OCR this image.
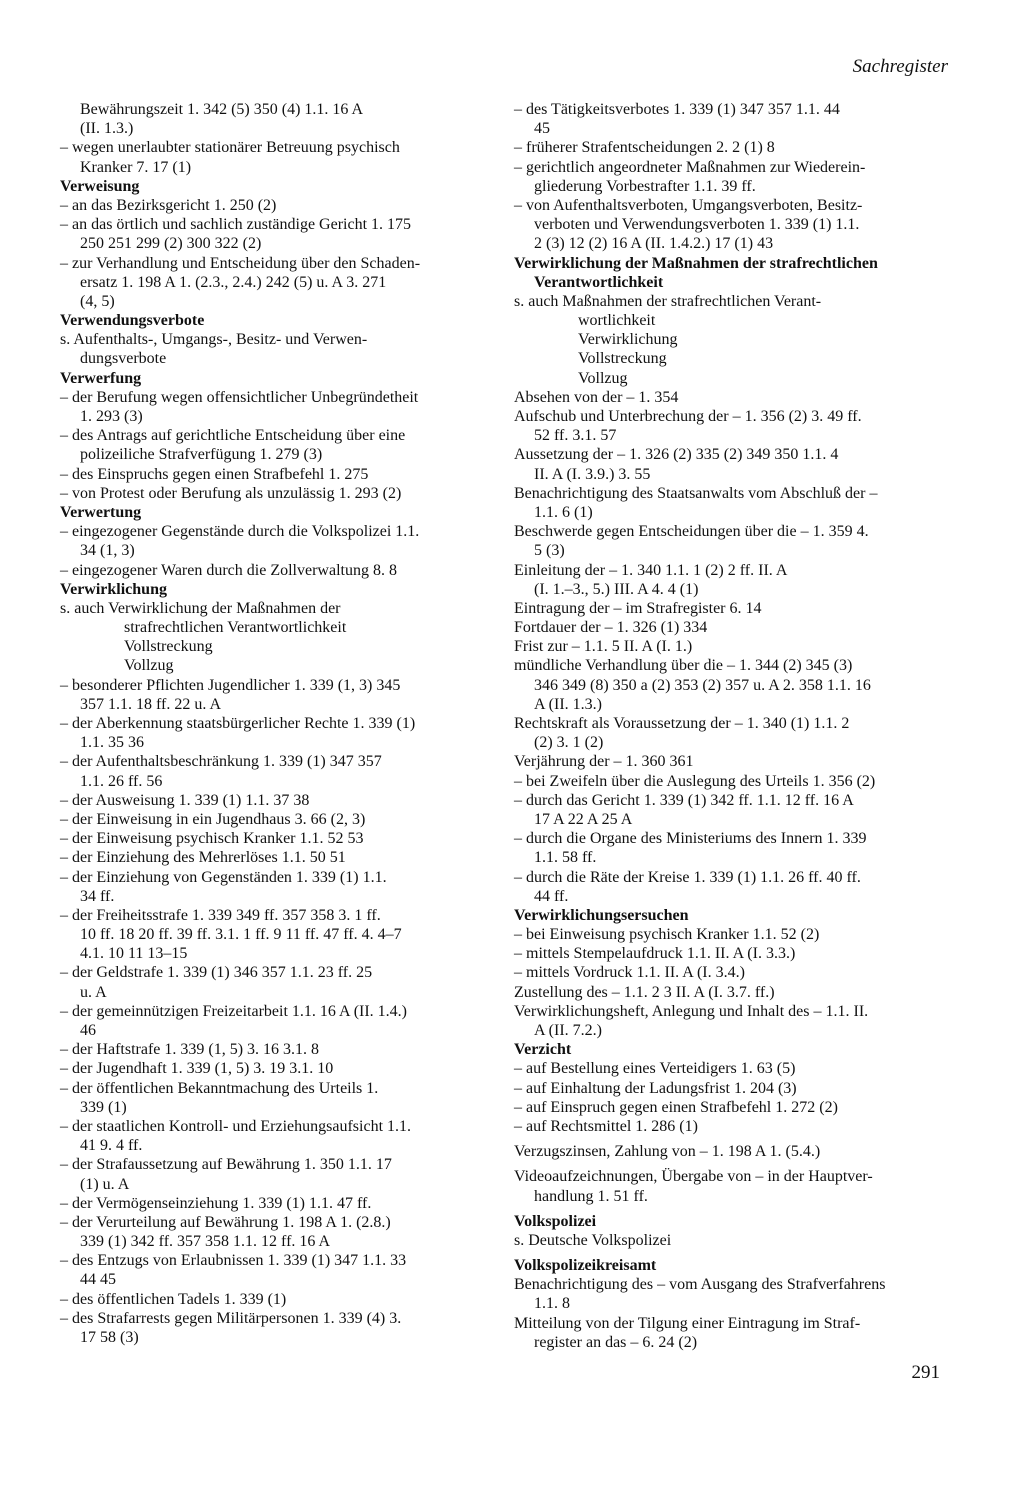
Sachregister
Bewährungszeit 1. 342 (5) 350 (4) 1.1. 16 A
(II. 1.3.)
– wegen unerlaubter stationärer Betreuung psychisch
Kranker 7. 17 (1)
Verweisung
– an das Bezirksgericht 1. 250 (2)
– an das örtlich und sachlich zuständige Gericht 1. 175
250 251 299 (2) 300 322 (2)
– zur Verhandlung und Entscheidung über den Schaden-
ersatz 1. 198 A 1. (2.3., 2.4.) 242 (5) u. A 3. 271
(4, 5)
Verwendungsverbote
s. Aufenthalts-, Umgangs-, Besitz- und Verwen-
dungsverbote
Verwerfung
– der Berufung wegen offensichtlicher Unbegründetheit
1. 293 (3)
– des Antrags auf gerichtliche Entscheidung über eine
polizeiliche Strafverfügung 1. 279 (3)
– des Einspruchs gegen einen Strafbefehl 1. 275
– von Protest oder Berufung als unzulässig 1. 293 (2)
Verwertung
– eingezogener Gegenstände durch die Volkspolizei 1.1.
34 (1, 3)
– eingezogener Waren durch die Zollverwaltung 8. 8
Verwirklichung
s. auch Verwirklichung der Maßnahmen der
strafrechtlichen Verantwortlichkeit
Vollstreckung
Vollzug
– besonderer Pflichten Jugendlicher 1. 339 (1, 3) 345
357 1.1. 18 ff. 22 u. A
– der Aberkennung staatsbürgerlicher Rechte 1. 339 (1)
1.1. 35 36
– der Aufenthaltsbeschränkung 1. 339 (1) 347 357
1.1. 26 ff. 56
– der Ausweisung 1. 339 (1) 1.1. 37 38
– der Einweisung in ein Jugendhaus 3. 66 (2, 3)
– der Einweisung psychisch Kranker 1.1. 52 53
– der Einziehung des Mehrerlöses 1.1. 50 51
– der Einziehung von Gegenständen 1. 339 (1) 1.1.
34 ff.
– der Freiheitsstrafe 1. 339 349 ff. 357 358 3. 1 ff.
10 ff. 18 20 ff. 39 ff. 3.1. 1 ff. 9 11 ff. 47 ff. 4. 4–7
4.1. 10 11 13–15
– der Geldstrafe 1. 339 (1) 346 357 1.1. 23 ff. 25
u. A
– der gemeinnützigen Freizeitarbeit 1.1. 16 A (II. 1.4.)
46
– der Haftstrafe 1. 339 (1, 5) 3. 16 3.1. 8
– der Jugendhaft 1. 339 (1, 5) 3. 19 3.1. 10
– der öffentlichen Bekanntmachung des Urteils 1.
339 (1)
– der staatlichen Kontroll- und Erziehungsaufsicht 1.1.
41 9. 4 ff.
– der Strafaussetzung auf Bewährung 1. 350 1.1. 17
(1) u. A
– der Vermögenseinziehung 1. 339 (1) 1.1. 47 ff.
– der Verurteilung auf Bewährung 1. 198 A 1. (2.8.)
339 (1) 342 ff. 357 358 1.1. 12 ff. 16 A
– des Entzugs von Erlaubnissen 1. 339 (1) 347 1.1. 33
44 45
– des öffentlichen Tadels 1. 339 (1)
– des Strafarrests gegen Militärpersonen 1. 339 (4) 3.
17 58 (3)
– des Tätigkeitsverbotes 1. 339 (1) 347 357 1.1. 44
45
– früherer Strafentscheidungen 2. 2 (1) 8
– gerichtlich angeordneter Maßnahmen zur Wiederein-
gliederung Vorbestrafter 1.1. 39 ff.
– von Aufenthaltsverboten, Umgangsverboten, Besitz-
verboten und Verwendungsverboten 1. 339 (1) 1.1.
2 (3) 12 (2) 16 A (II. 1.4.2.) 17 (1) 43
Verwirklichung der Maßnahmen der strafrechtlichen
Verantwortlichkeit
s. auch Maßnahmen der strafrechtlichen Verant-
wortlichkeit
Verwirklichung
Vollstreckung
Vollzug
Absehen von der – 1. 354
Aufschub und Unterbrechung der – 1. 356 (2) 3. 49 ff.
52 ff. 3.1. 57
Aussetzung der – 1. 326 (2) 335 (2) 349 350 1.1. 4
II. A (I. 3.9.) 3. 55
Benachrichtigung des Staatsanwalts vom Abschluß der –
1.1. 6 (1)
Beschwerde gegen Entscheidungen über die – 1. 359 4.
5 (3)
Einleitung der – 1. 340 1.1. 1 (2) 2 ff. II. A
(I. 1.–3., 5.) III. A 4. 4 (1)
Eintragung der – im Strafregister 6. 14
Fortdauer der – 1. 326 (1) 334
Frist zur – 1.1. 5 II. A (I. 1.)
mündliche Verhandlung über die – 1. 344 (2) 345 (3)
346 349 (8) 350 a (2) 353 (2) 357 u. A 2. 358 1.1. 16
A (II. 1.3.)
Rechtskraft als Voraussetzung der – 1. 340 (1) 1.1. 2
(2) 3. 1 (2)
Verjährung der – 1. 360 361
– bei Zweifeln über die Auslegung des Urteils 1. 356 (2)
– durch das Gericht 1. 339 (1) 342 ff. 1.1. 12 ff. 16 A
17 A 22 A 25 A
– durch die Organe des Ministeriums des Innern 1. 339
1.1. 58 ff.
– durch die Räte der Kreise 1. 339 (1) 1.1. 26 ff. 40 ff.
44 ff.
Verwirklichungsersuchen
– bei Einweisung psychisch Kranker 1.1. 52 (2)
– mittels Stempelaufdruck 1.1. II. A (I. 3.3.)
– mittels Vordruck 1.1. II. A (I. 3.4.)
Zustellung des – 1.1. 2 3 II. A (I. 3.7. ff.)
Verwirklichungsheft, Anlegung und Inhalt des – 1.1. II.
A (II. 7.2.)
Verzicht
– auf Bestellung eines Verteidigers 1. 63 (5)
– auf Einhaltung der Ladungsfrist 1. 204 (3)
– auf Einspruch gegen einen Strafbefehl 1. 272 (2)
– auf Rechtsmittel 1. 286 (1)
Verzugszinsen, Zahlung von – 1. 198 A 1. (5.4.)
Videoaufzeichnungen, Übergabe von – in der Hauptver-
handlung 1. 51 ff.
Volkspolizei
s. Deutsche Volkspolizei
Volkspolizeikreisamt
Benachrichtigung des – vom Ausgang des Strafverfahrens
1.1. 8
Mitteilung von der Tilgung einer Eintragung im Straf-
register an das – 6. 24 (2)
291
